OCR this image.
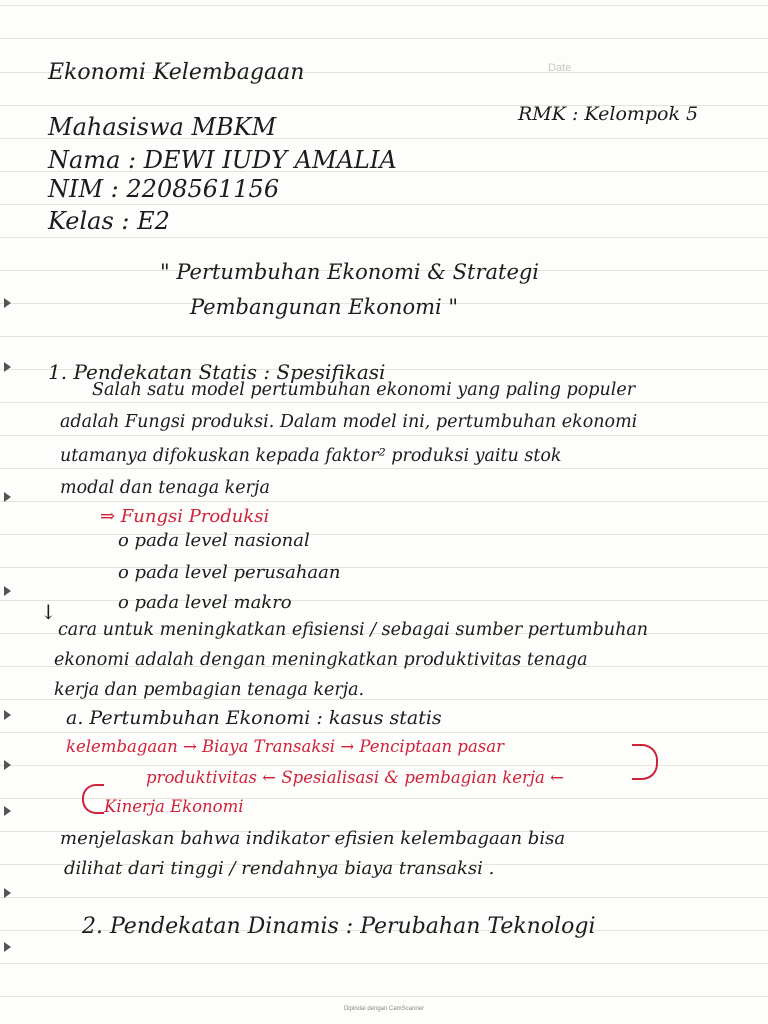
Date
Ekonomi Kelembagaan
Mahasiswa MBKM	RMK : Kelompok 5
Nama : DEWI IUDY AMALIA
NIM : 2208561156
Kelas : E2
" Pertumbuhan Ekonomi & Strategi
Pembangunan Ekonomi "
1. Pendekatan Statis : Spesifikasi
Salah satu model pertumbuhan ekonomi yang paling populer
adalah Fungsi produksi. Dalam model ini, pertumbuhan ekonomi
utamanya difokuskan kepada faktor² produksi yaitu stok
modal dan tenaga kerja
⇒ Fungsi Produksi
o pada level nasional
o pada level perusahaan
o pada level makro
↓
cara untuk meningkatkan efisiensi / sebagai sumber pertumbuhan
ekonomi adalah dengan meningkatkan produktivitas tenaga
kerja dan pembagian tenaga kerja.
a. Pertumbuhan Ekonomi : kasus statis
kelembagaan → Biaya Transaksi → Penciptaan pasar
produktivitas ← Spesialisasi & pembagian kerja ←
Kinerja Ekonomi
menjelaskan bahwa indikator efisien kelembagaan bisa
dilihat dari tinggi / rendahnya biaya transaksi .
2. Pendekatan Dinamis : Perubahan Teknologi
Dipindai dengan CamScanner
